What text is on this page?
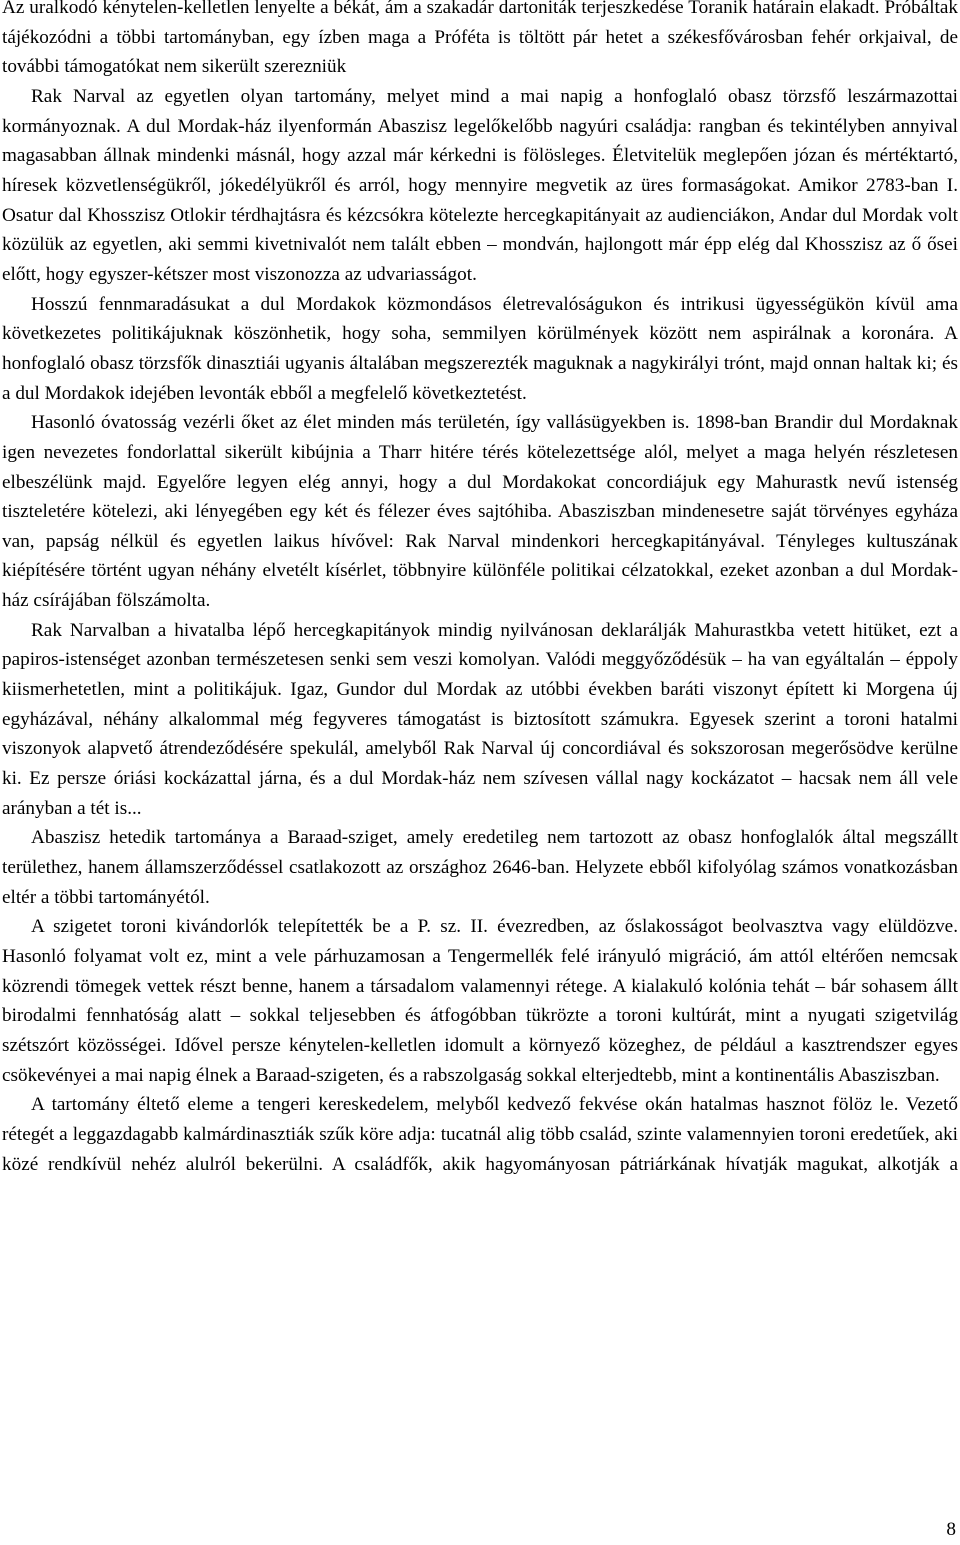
Az uralkodó kénytelen-kelletlen lenyelte a békát, ám a szakadár dartoniták terjeszkedése Toranik határain elakadt. Próbáltak tájékozódni a többi tartományban, egy ízben maga a Próféta is töltött pár hetet a székesfővárosban fehér orkjaival, de további támogatókat nem sikerült szerezniük

Rak Narval az egyetlen olyan tartomány, melyet mind a mai napig a honfoglaló obasz törzsfő leszármazottai kormányoznak. A dul Mordak-ház ilyenformán Abaszisz legelőkelőbb nagyúri családja: rangban és tekintélyben annyival magasabban állnak mindenki másnál, hogy azzal már kérkedni is fölösleges. Életvitelük meglepően józan és mértéktartó, híresek közvetlenségükről, jókedélyükről és arról, hogy mennyire megvetik az üres formaságokat. Amikor 2783-ban I. Osatur dal Khosszisz Otlokir térdhajtásra és kézcsókra kötelezte hercegkapitányait az audienciákon, Andar dul Mordak volt közülük az egyetlen, aki semmi kivetnivalót nem talált ebben – mondván, hajlongott már épp elég dal Khosszisz az ő ősei előtt, hogy egyszer-kétszer most viszonozza az udvariasságot.

Hosszú fennmaradásukat a dul Mordakok közmondásos életrevalóságukon és intrikusi ügyességükön kívül ama következetes politikájuknak köszönhetik, hogy soha, semmilyen körülmények között nem aspirálnak a koronára. A honfoglaló obasz törzsfők dinasztiái ugyanis általában megszerezték maguknak a nagykirályi trónt, majd onnan haltak ki; és a dul Mordakok idejében levonták ebből a megfelelő következtetést.

Hasonló óvatosság vezérli őket az élet minden más területén, így vallásügyekben is. 1898-ban Brandir dul Mordaknak igen nevezetes fondorlattal sikerült kibújnia a Tharr hitére térés kötelezettsége alól, melyet a maga helyén részletesen elbeszélünk majd. Egyelőre legyen elég annyi, hogy a dul Mordakokat concordiájuk egy Mahurastk nevű istenség tiszteletére kötelezi, aki lényegében egy két és félezer éves sajtóhiba. Abasziszban mindenesetre saját törvényes egyháza van, papság nélkül és egyetlen laikus hívővel: Rak Narval mindenkori hercegkapitányával. Tényleges kultuszának kiépítésére történt ugyan néhány elvetélt kísérlet, többnyire különféle politikai célzatokkal, ezeket azonban a dul Mordak-ház csírájában fölszámolta.

Rak Narvalban a hivatalba lépő hercegkapitányok mindig nyilvánosan deklarálják Mahurastkba vetett hitüket, ezt a papiros-istenséget azonban természetesen senki sem veszi komolyan. Valódi meggyőződésük – ha van egyáltalán – éppoly kiismerhetetlen, mint a politikájuk. Igaz, Gundor dul Mordak az utóbbi években baráti viszonyt épített ki Morgena új egyházával, néhány alkalommal még fegyveres támogatást is biztosított számukra. Egyesek szerint a toroni hatalmi viszonyok alapvető átrendeződésére spekulál, amelyből Rak Narval új concordiával és sokszorosan megerősödve kerülne ki. Ez persze óriási kockázattal járna, és a dul Mordak-ház nem szívesen vállal nagy kockázatot – hacsak nem áll vele arányban a tét is...

Abaszisz hetedik tartománya a Baraad-sziget, amely eredetileg nem tartozott az obasz honfoglalók által megszállt területhez, hanem államszerződéssel csatlakozott az országhoz 2646-ban. Helyzete ebből kifolyólag számos vonatkozásban eltér a többi tartományétól.

A szigetet toroni kivándorlók telepítették be a P. sz. II. évezredben, az őslakosságot beolvasztva vagy elüldözve. Hasonló folyamat volt ez, mint a vele párhuzamosan a Tengermellék felé irányuló migráció, ám attól eltérően nemcsak közrendi tömegek vettek részt benne, hanem a társadalom valamennyi rétege. A kialakuló kolónia tehát – bár sohasem állt birodalmi fennhatóság alatt – sokkal teljesebben és átfogóbban tükrözte a toroni kultúrát, mint a nyugati szigetvilág szétszórt közösségei. Idővel persze kénytelen-kelletlen idomult a környező közeghez, de például a kasztrendszer egyes csökevényei a mai napig élnek a Baraad-szigeten, és a rabszolgaság sokkal elterjedtebb, mint a kontinentális Abasziszban.

A tartomány éltető eleme a tengeri kereskedelem, melyből kedvező fekvése okán hatalmas hasznot fölöz le. Vezető rétegét a leggazdagabb kalmárdinasztiák szűk köre adja: tucatnál alig több család, szinte valamennyien toroni eredetűek, aki közé rendkívül nehéz alulról bekerülni. A családfők, akik hagyományosan pátriárkának hívatják magukat, alkotják a

8
